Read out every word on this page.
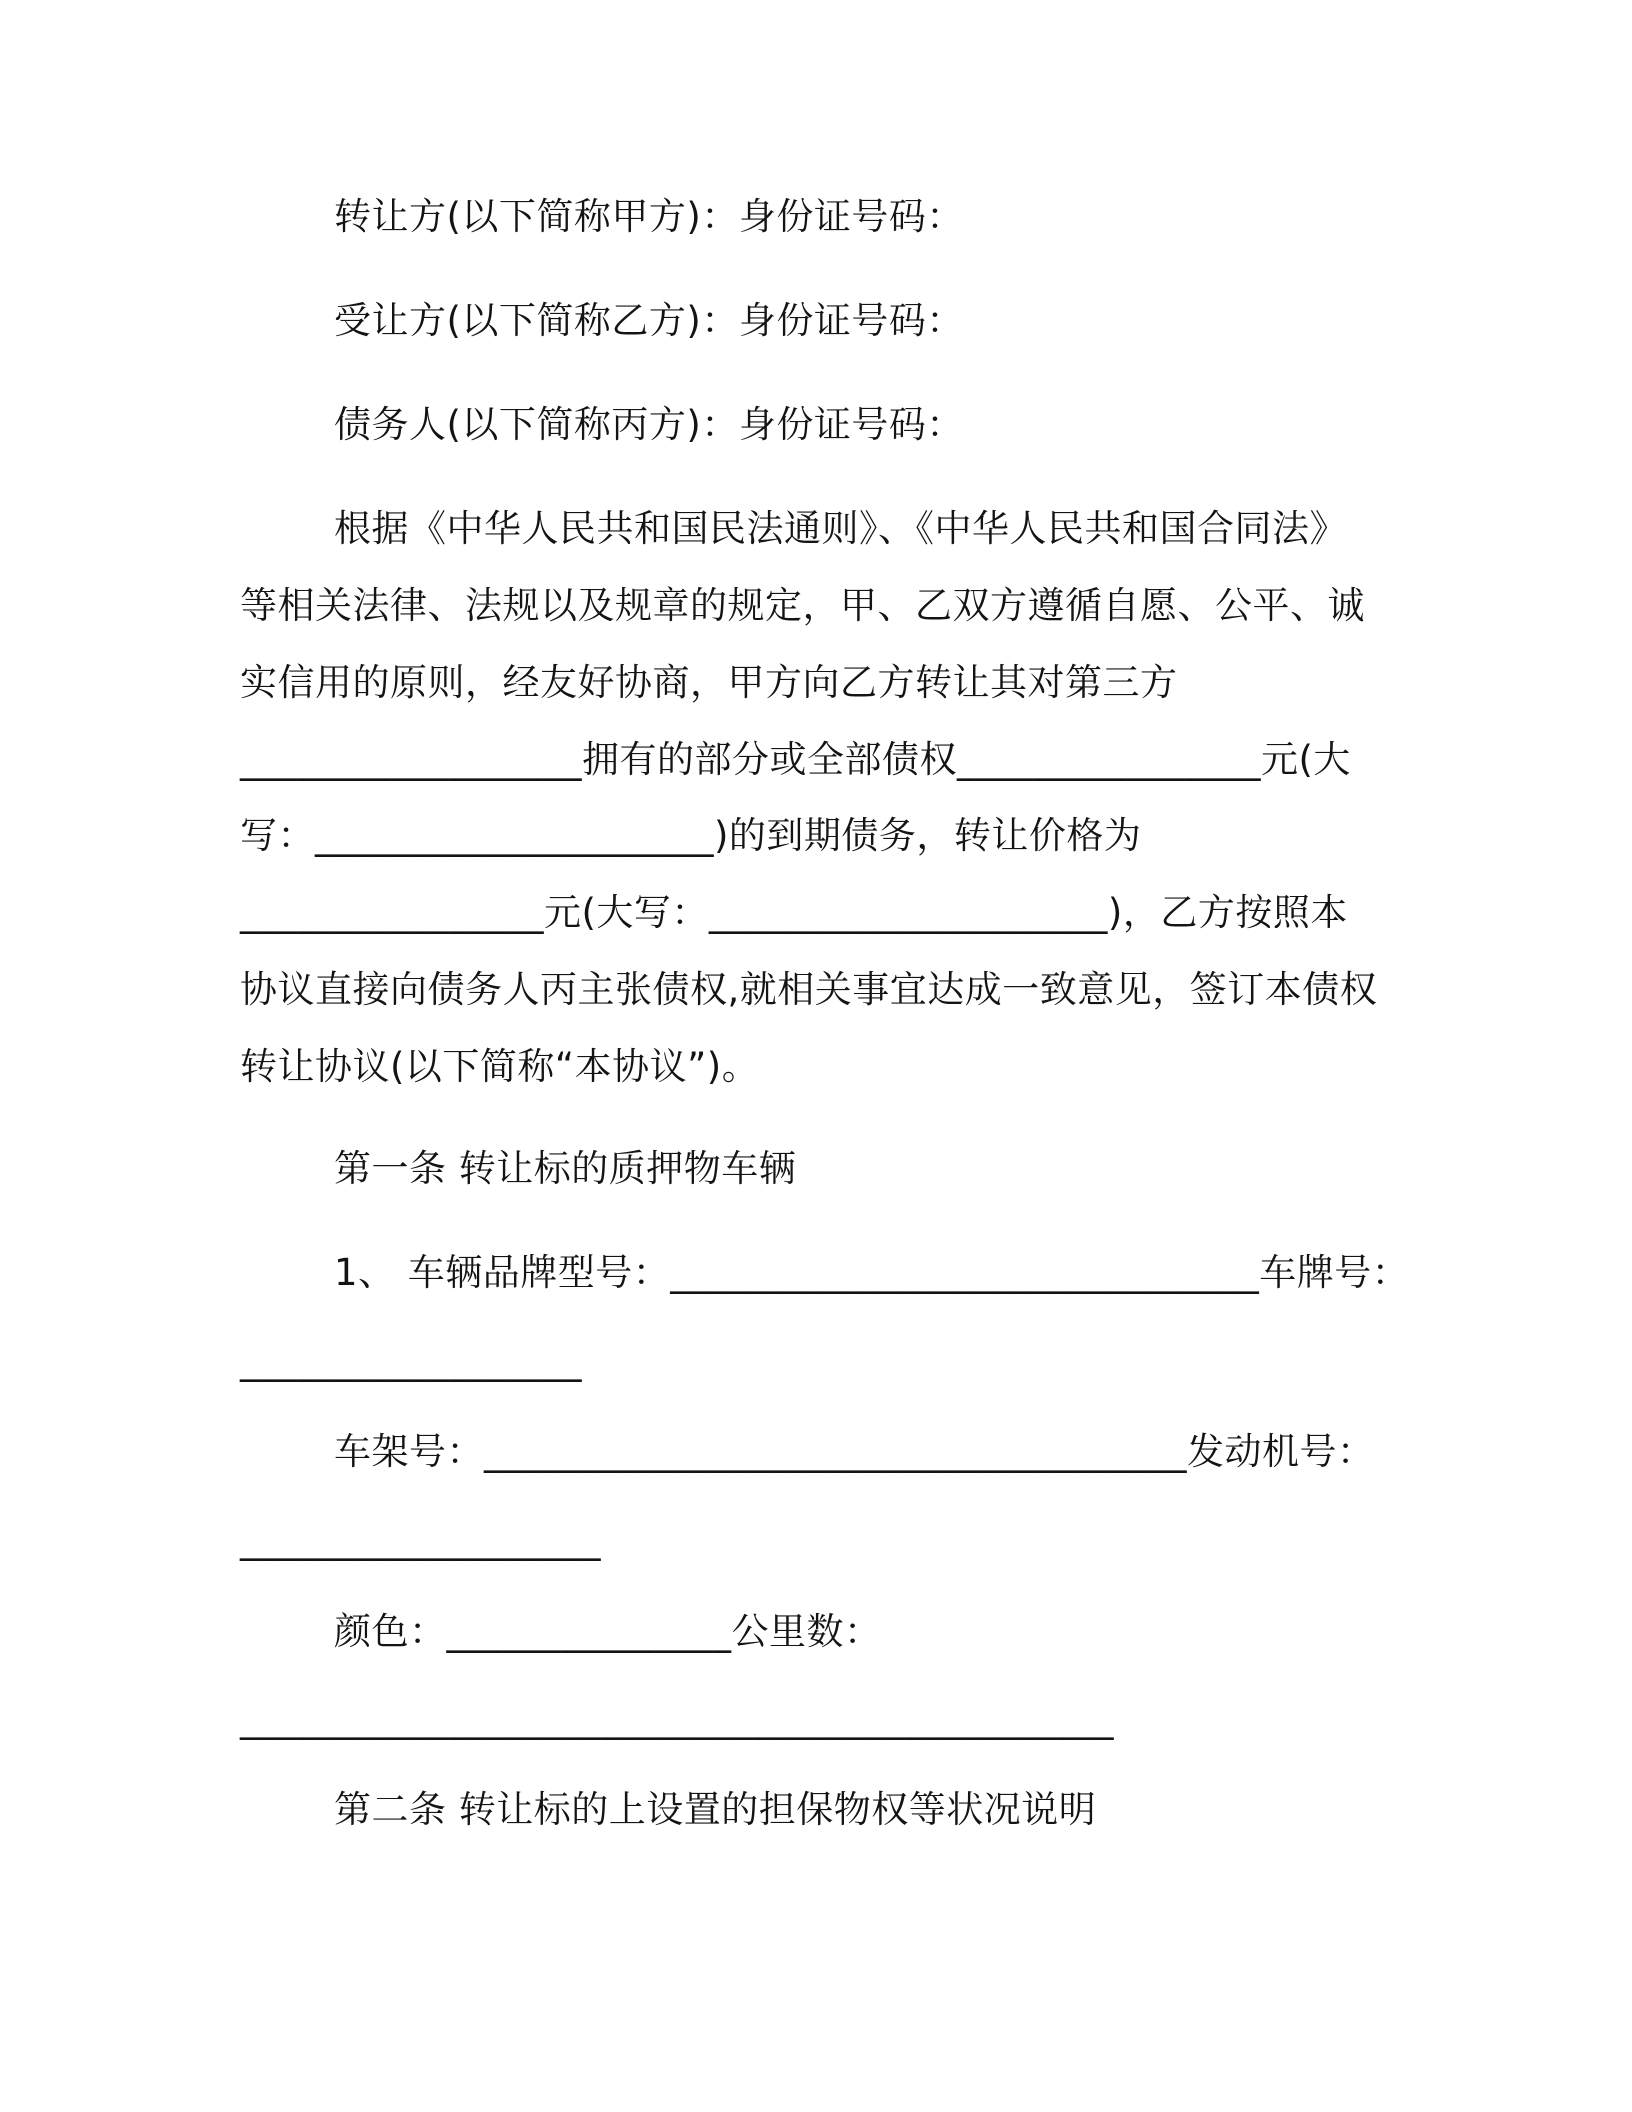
转让方(以下简称甲方)：身份证号码：
受让方(以下简称乙方)：身份证号码：
债务人(以下简称丙方)：身份证号码：
根据《中华人民共和国民法通则》、《中华人民共和国合同法》
等相关法律、法规以及规章的规定，甲、乙双方遵循自愿、公平、诚
实信用的原则，经友好协商，甲方向乙方转让其对第三方
__________________拥有的部分或全部债权________________元(大
写：_____________________)的到期债务，转让价格为
________________元(大写：_____________________)，乙方按照本
协议直接向债务人丙主张债权,就相关事宜达成一致意见，签订本债权
转让协议(以下简称“本协议”)。
第一条 转让标的质押物车辆
1、 车辆品牌型号：_______________________________车牌号：
__________________
车架号：_____________________________________发动机号：
___________________
颜色：_______________公里数：
______________________________________________
第二条 转让标的上设置的担保物权等状况说明
